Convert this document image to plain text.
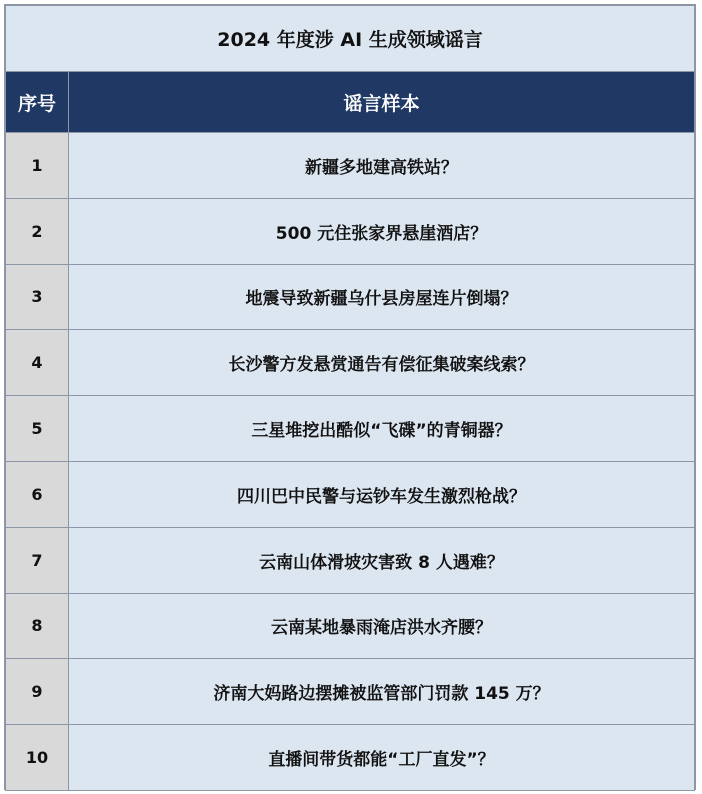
2024 年度涉 AI 生成领域谣言	
序号	谣言样本
1	新疆多地建高铁站？
2	500 元住张家界悬崖酒店？
3	地震导致新疆乌什县房屋连片倒塌？
4	长沙警方发悬赏通告有偿征集破案线索？
5	三星堆挖出酷似“飞碟”的青铜器？
6	四川巴中民警与运钞车发生激烈枪战？
7	云南山体滑坡灾害致 8 人遇难？
8	云南某地暴雨淹店洪水齐腰？
9	济南大妈路边摆摊被监管部门罚款 145 万？
10	直播间带货都能“工厂直发”？
